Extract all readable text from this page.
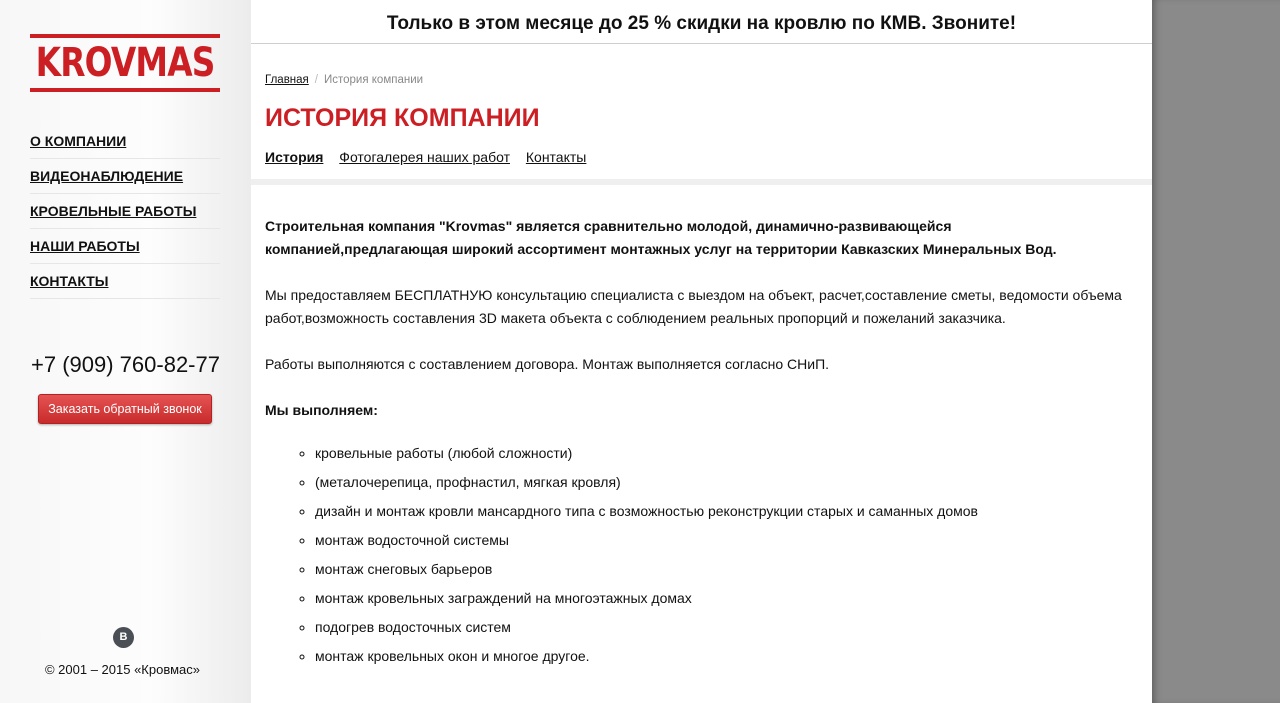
KROVMAS
О КОМПАНИИ
ВИДЕОНАБЛЮДЕНИЕ
КРОВЕЛЬНЫЕ РАБОТЫ
НАШИ РАБОТЫ
КОНТАКТЫ
+7 (909) 760-82-77
Заказать обратный звонок
В
© 2001 – 2015 «Кровмас»
Только в этом месяце до 25 % скидки на кровлю по КМВ. Звоните!
Главная / История компании
ИСТОРИЯ КОМПАНИИ
История Фотогалерея наших работ Контакты

Строительная компания "Krovmas" является сравнительно молодой, динамично-развивающейся компанией,предлагающая широкий ассортимент монтажных услуг на территории Кавказских Минеральных Вод.

Мы предоставляем БЕСПЛАТНУЮ консультацию специалиста с выездом на объект, расчет,составление сметы, ведомости объема работ,возможность составления 3D макета объекта с соблюдением реальных пропорций и пожеланий заказчика.

Работы выполняются с составлением договора. Монтаж выполняется согласно СНиП.

Мы выполняем:

◦ кровельные работы (любой сложности)
◦ (металочерепица, профнастил, мягкая кровля)
◦ дизайн и монтаж кровли мансардного типа с возможностью реконструкции старых и саманных домов
◦ монтаж водосточной системы
◦ монтаж снеговых барьеров
◦ монтаж кровельных заграждений на многоэтажных домах
◦ подогрев водосточных систем
◦ монтаж кровельных окон и многое другое.
